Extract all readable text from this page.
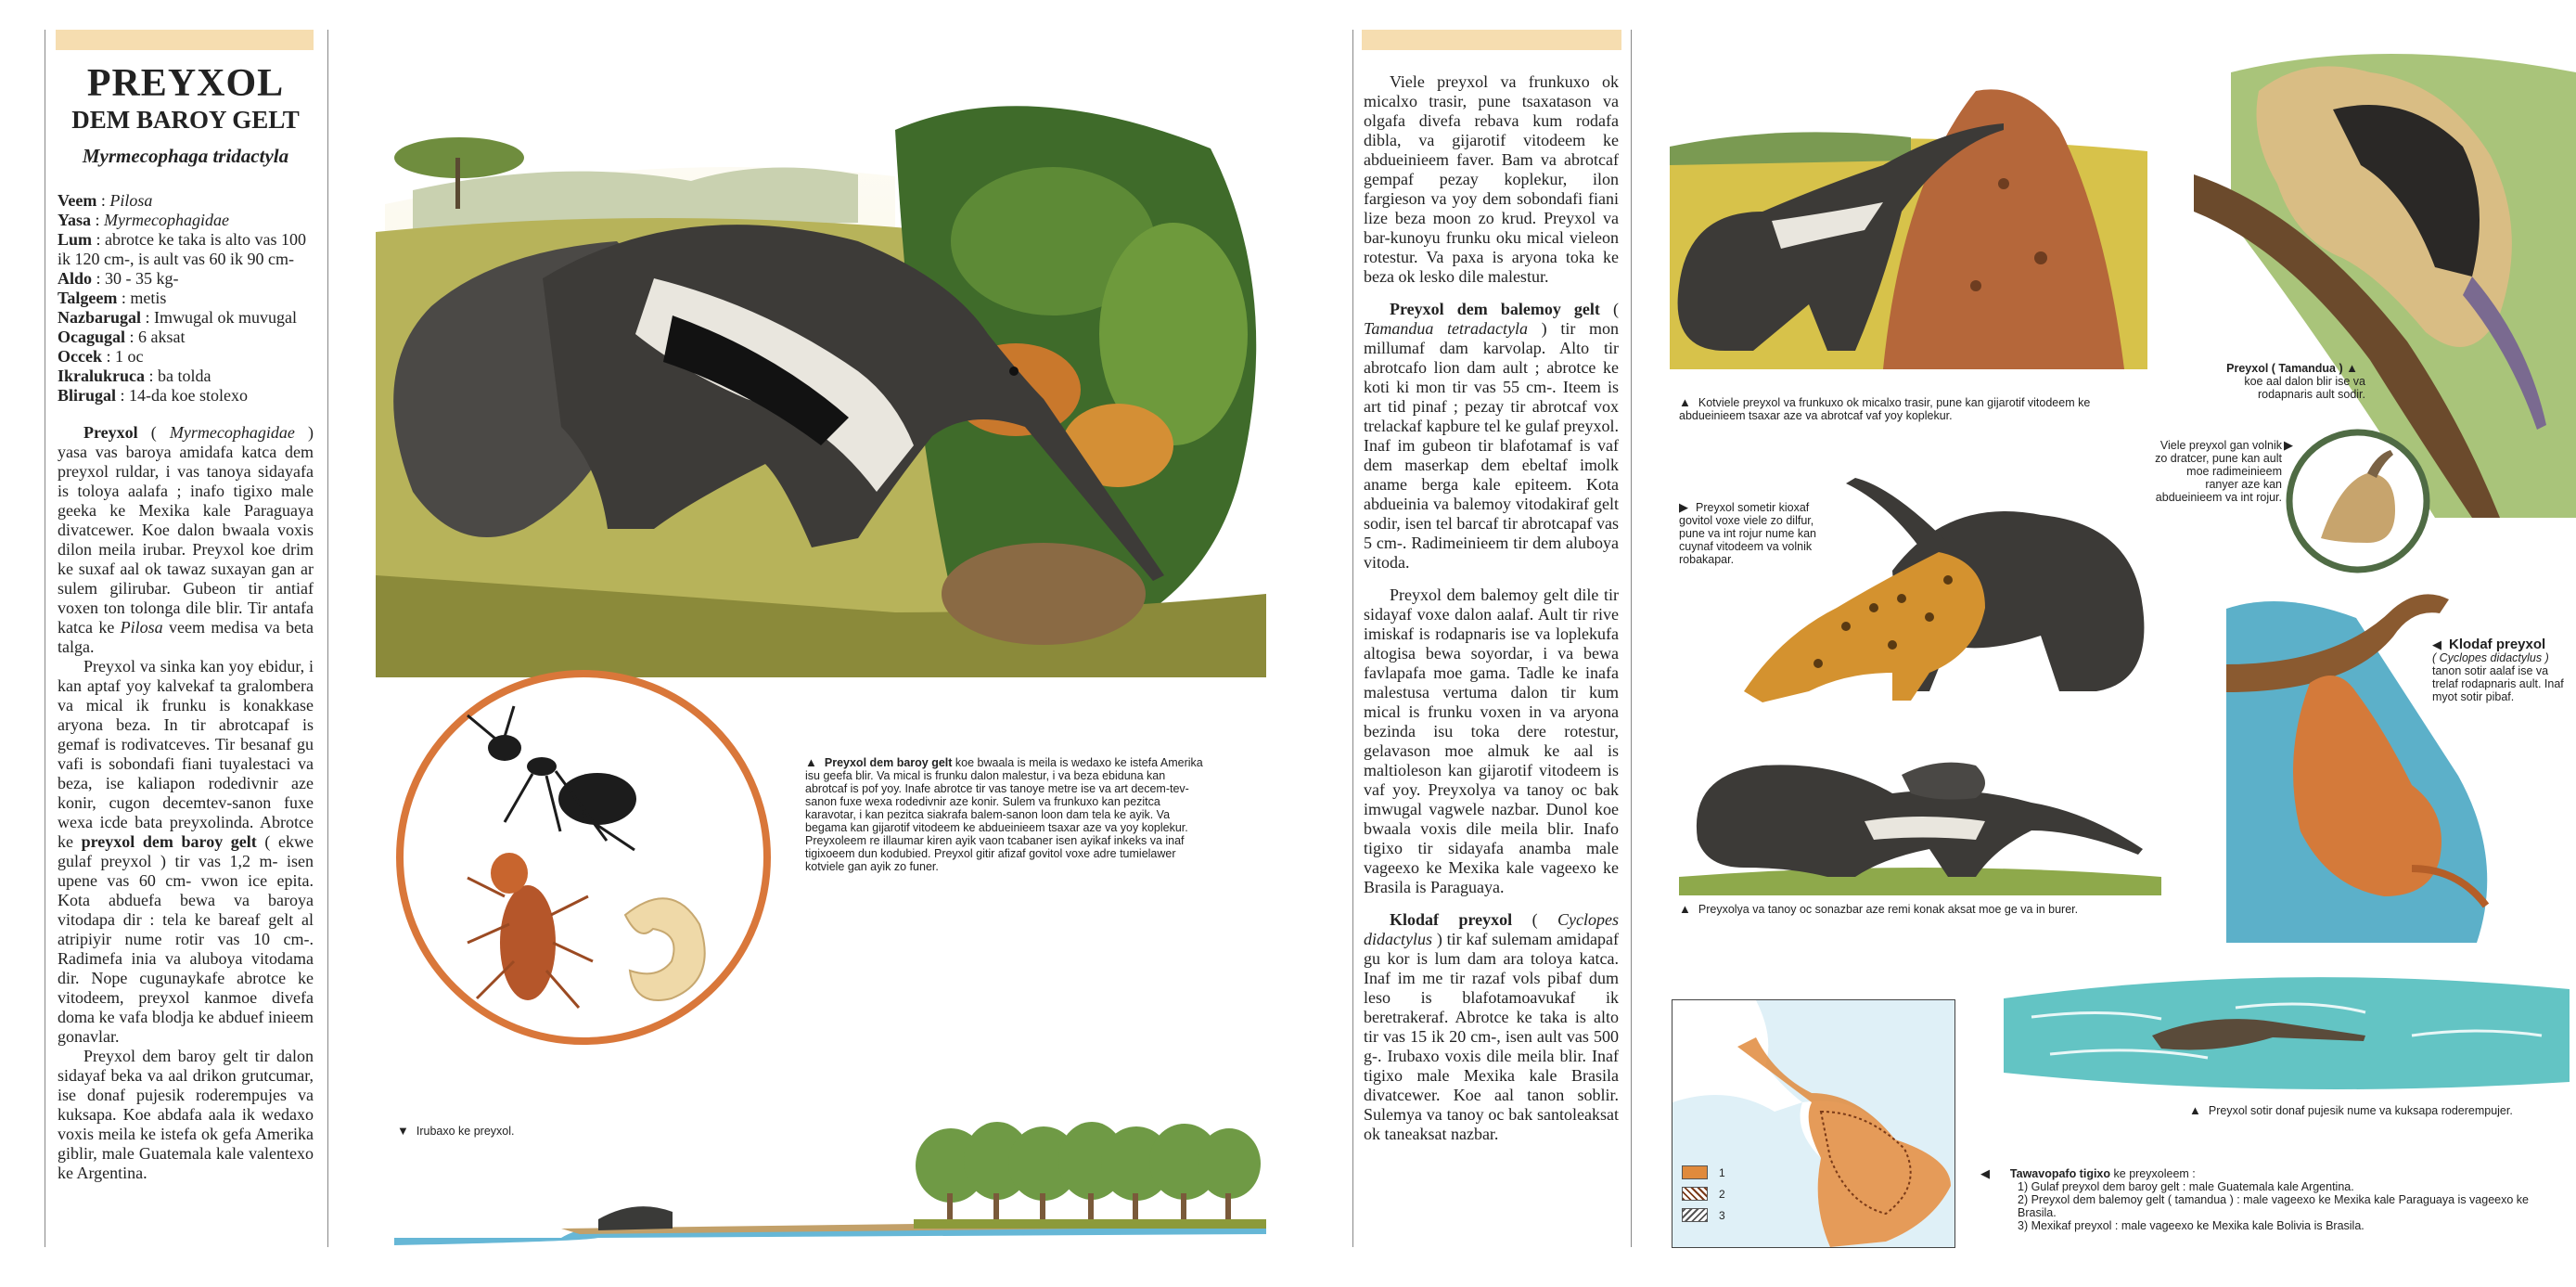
PREYXOL
DEM BAROY GELT
Myrmecophaga tridactyla
Veem : Pilosa
Yasa : Myrmecophagidae
Lum : abrotce ke taka is alto vas 100 ik 120 cm-, is ault vas 60 ik 90 cm-
Aldo : 30 - 35 kg-
Talgeem : metis
Nazbarugal : Imwugal ok muvugal
Ocagugal : 6 aksat
Occek : 1 oc
Ikralukruca : ba tolda
Blirugal : 14-da koe stolexo

Preyxol ( Myrmecophagidae ) yasa vas baroya amidafa katca dem preyxol ruldar, i vas tanoya sidayafa is toloya aalafa ; inafo tigixo male geeka ke Mexika kale Paraguaya divatcewer. Koe dalon bwaala voxis dilon meila irubar. Preyxol koe drim ke suxaf aal ok tawaz suxayan gan ar sulem gilirubar. Gubeon tir antiaf voxen ton tolonga dile blir. Tir antafa katca ke Pilosa veem medisa va beta talga.

Preyxol va sinka kan yoy ebidur, i kan aptaf yoy kalvekaf ta gralombera va mical ik frunku is konakkase aryona beza. In tir abrotcapaf is gemaf is rodivatceves. Tir besanaf gu vafi is sobondafi fiani tuyalestaci va beza, ise kaliapon rodedivnir aze konir, cugon decemtev-sanon fuxe wexa icde bata preyxolinda. Abrotce ke preyxol dem baroy gelt ( ekwe gulaf preyxol ) tir vas 1,2 m- isen upene vas 60 cm- vwon ice epita. Kota abduefa bewa va baroya vitodapa dir : tela ke bareaf gelt al atripiyir nume rotir vas 10 cm-. Radimefa inia va aluboya vitodama dir. Nope cugunaykafe abrotce ke vitodeem, preyxol kanmoe divefa doma ke vafa blodja ke abduef inieem gonavlar.

Preyxol dem baroy gelt tir dalon sidayaf beka va aal drikon grutcumar, ise donaf pujesik roderempujes va kuksapa. Koe abdafa aala ik wedaxo voxis meila ke istefa ok gefa Amerika giblir, male Guatemala kale valentexo ke Argentina.

▲ Preyxol dem baroy gelt koe bwaala is meila is wedaxo ke istefa Amerika isu geefa blir. Va mical is frunku dalon malestur, i va beza ebiduna kan abrotcaf is pof yoy. Inafe abrotce tir vas tanoye metre ise va art decem-tev-sanon fuxe wexa rodedivnir aze konir. Sulem va frunkuxo kan pezitca karavotar, i kan pezitca siakrafa balem-sanon loon dam tela ke ayik. Va begama kan gijarotif vitodeem ke abdueinieem tsaxar aze va yoy koplekur. Preyxoleem re illaumar kiren ayik vaon tcabaner isen ayikaf inkeks va inaf tigixoeem dun kodubied. Preyxol gitir afizaf govitol voxe adre tumielawer kotviele gan ayik zo funer.
▼ Irubaxo ke preyxol.

Viele preyxol va frunkuxo ok micalxo trasir, pune tsaxatason va olgafa divefa rebava kum rodafa dibla, va gijarotif vitodeem ke abdueinieem faver. Bam va abrotcaf gempaf pezay koplekur, ilon fargieson va yoy dem sobondafi fiani lize beza moon zo krud. Preyxol va bar-kunoyu frunku oku mical vieleon rotestur. Va paxa is aryona toka ke beza ok lesko dile malestur.

Preyxol dem balemoy gelt ( Tamandua tetradactyla ) tir mon millumaf dam karvolap. Alto tir abrotcafo lion dam ault ; abrotce ke koti ki mon tir vas 55 cm-. Iteem is art tid pinaf ; pezay tir abrotcaf vox trelackaf kapbure tel ke gulaf preyxol. Inaf im gubeon tir blafotamaf is vaf dem maserkap dem ebeltaf imolk aname berga kale epiteem. Kota abdueinia va balemoy vitodakiraf gelt sodir, isen tel barcaf tir abrotcapaf vas 5 cm-. Radimeinieem tir dem aluboya vitoda.

Preyxol dem balemoy gelt dile tir sidayaf voxe dalon aalaf. Ault tir rive imiskaf is rodapnaris ise va loplekufa altogisa bewa soyordar, i va bewa favlapafa moe gama. Tadle ke inafa malestusa vertuma dalon tir kum mical is frunku voxen in va aryona bezinda isu toka dere rotestur, gelavason moe almuk ke aal is maltioleson kan gijarotif vitodeem is vaf yoy. Preyxolya va tanoy oc bak imwugal vagwele nazbar. Dunol koe bwaala voxis dile meila blir. Inafo tigixo tir sidayafa anamba male vageexo ke Mexika kale vageexo ke Brasila is Paraguaya.

Klodaf preyxol ( Cyclopes didactylus ) tir kaf sulemam amidapaf gu kor is lum dam ara toloya katca. Inaf im me tir razaf vols pibaf dum leso is blafotamoavukaf ik beretrakeraf. Abrotce ke taka is alto tir vas 15 ik 20 cm-, isen ault vas 500 g-. Irubaxo voxis dile meila blir. Inaf tigixo male Mexika kale Brasila divatcewer. Koe aal tanon soblir. Sulemya va tanoy oc bak santoleaksat ok taneaksat nazbar.

▲ Kotviele preyxol va frunkuxo ok micalxo trasir, pune kan gijarotif vitodeem ke abdueinieem tsaxar aze va abrotcaf vaf yoy koplekur.
▶ Preyxol sometir kioxaf govitol voxe viele zo dilfur, pune va int rojur nume kan cuynaf vitodeem va volnik robakapar.
▲ Preyxolya va tanoy oc sonazbar aze remi konak aksat moe ge va in burer.
Preyxol ( Tamandua ) ▲
koe aal dalon blir ise va rodapnaris ault sodir.
Viele preyxol gan volnik zo dratcer, pune kan ault moe radimeinieem ranyer aze kan abdueinieem va int rojur.
▶
◀ Klodaf preyxol
( Cyclopes didactylus )
tanon sotir aalaf ise va trelaf rodapnaris ault. Inaf myot sotir pibaf.
1
2
3
▲ Preyxol sotir donaf pujesik nume va kuksapa roderempujer.
◀ Tawavopafo tigixo ke preyxoleem :
1) Gulaf preyxol dem baroy gelt : male Guatemala kale Argentina.
2) Preyxol dem balemoy gelt ( tamandua ) : male vageexo ke Mexika kale Paraguaya is vageexo ke Brasila.
3) Mexikaf preyxol : male vageexo ke Mexika kale Bolivia is Brasila.
